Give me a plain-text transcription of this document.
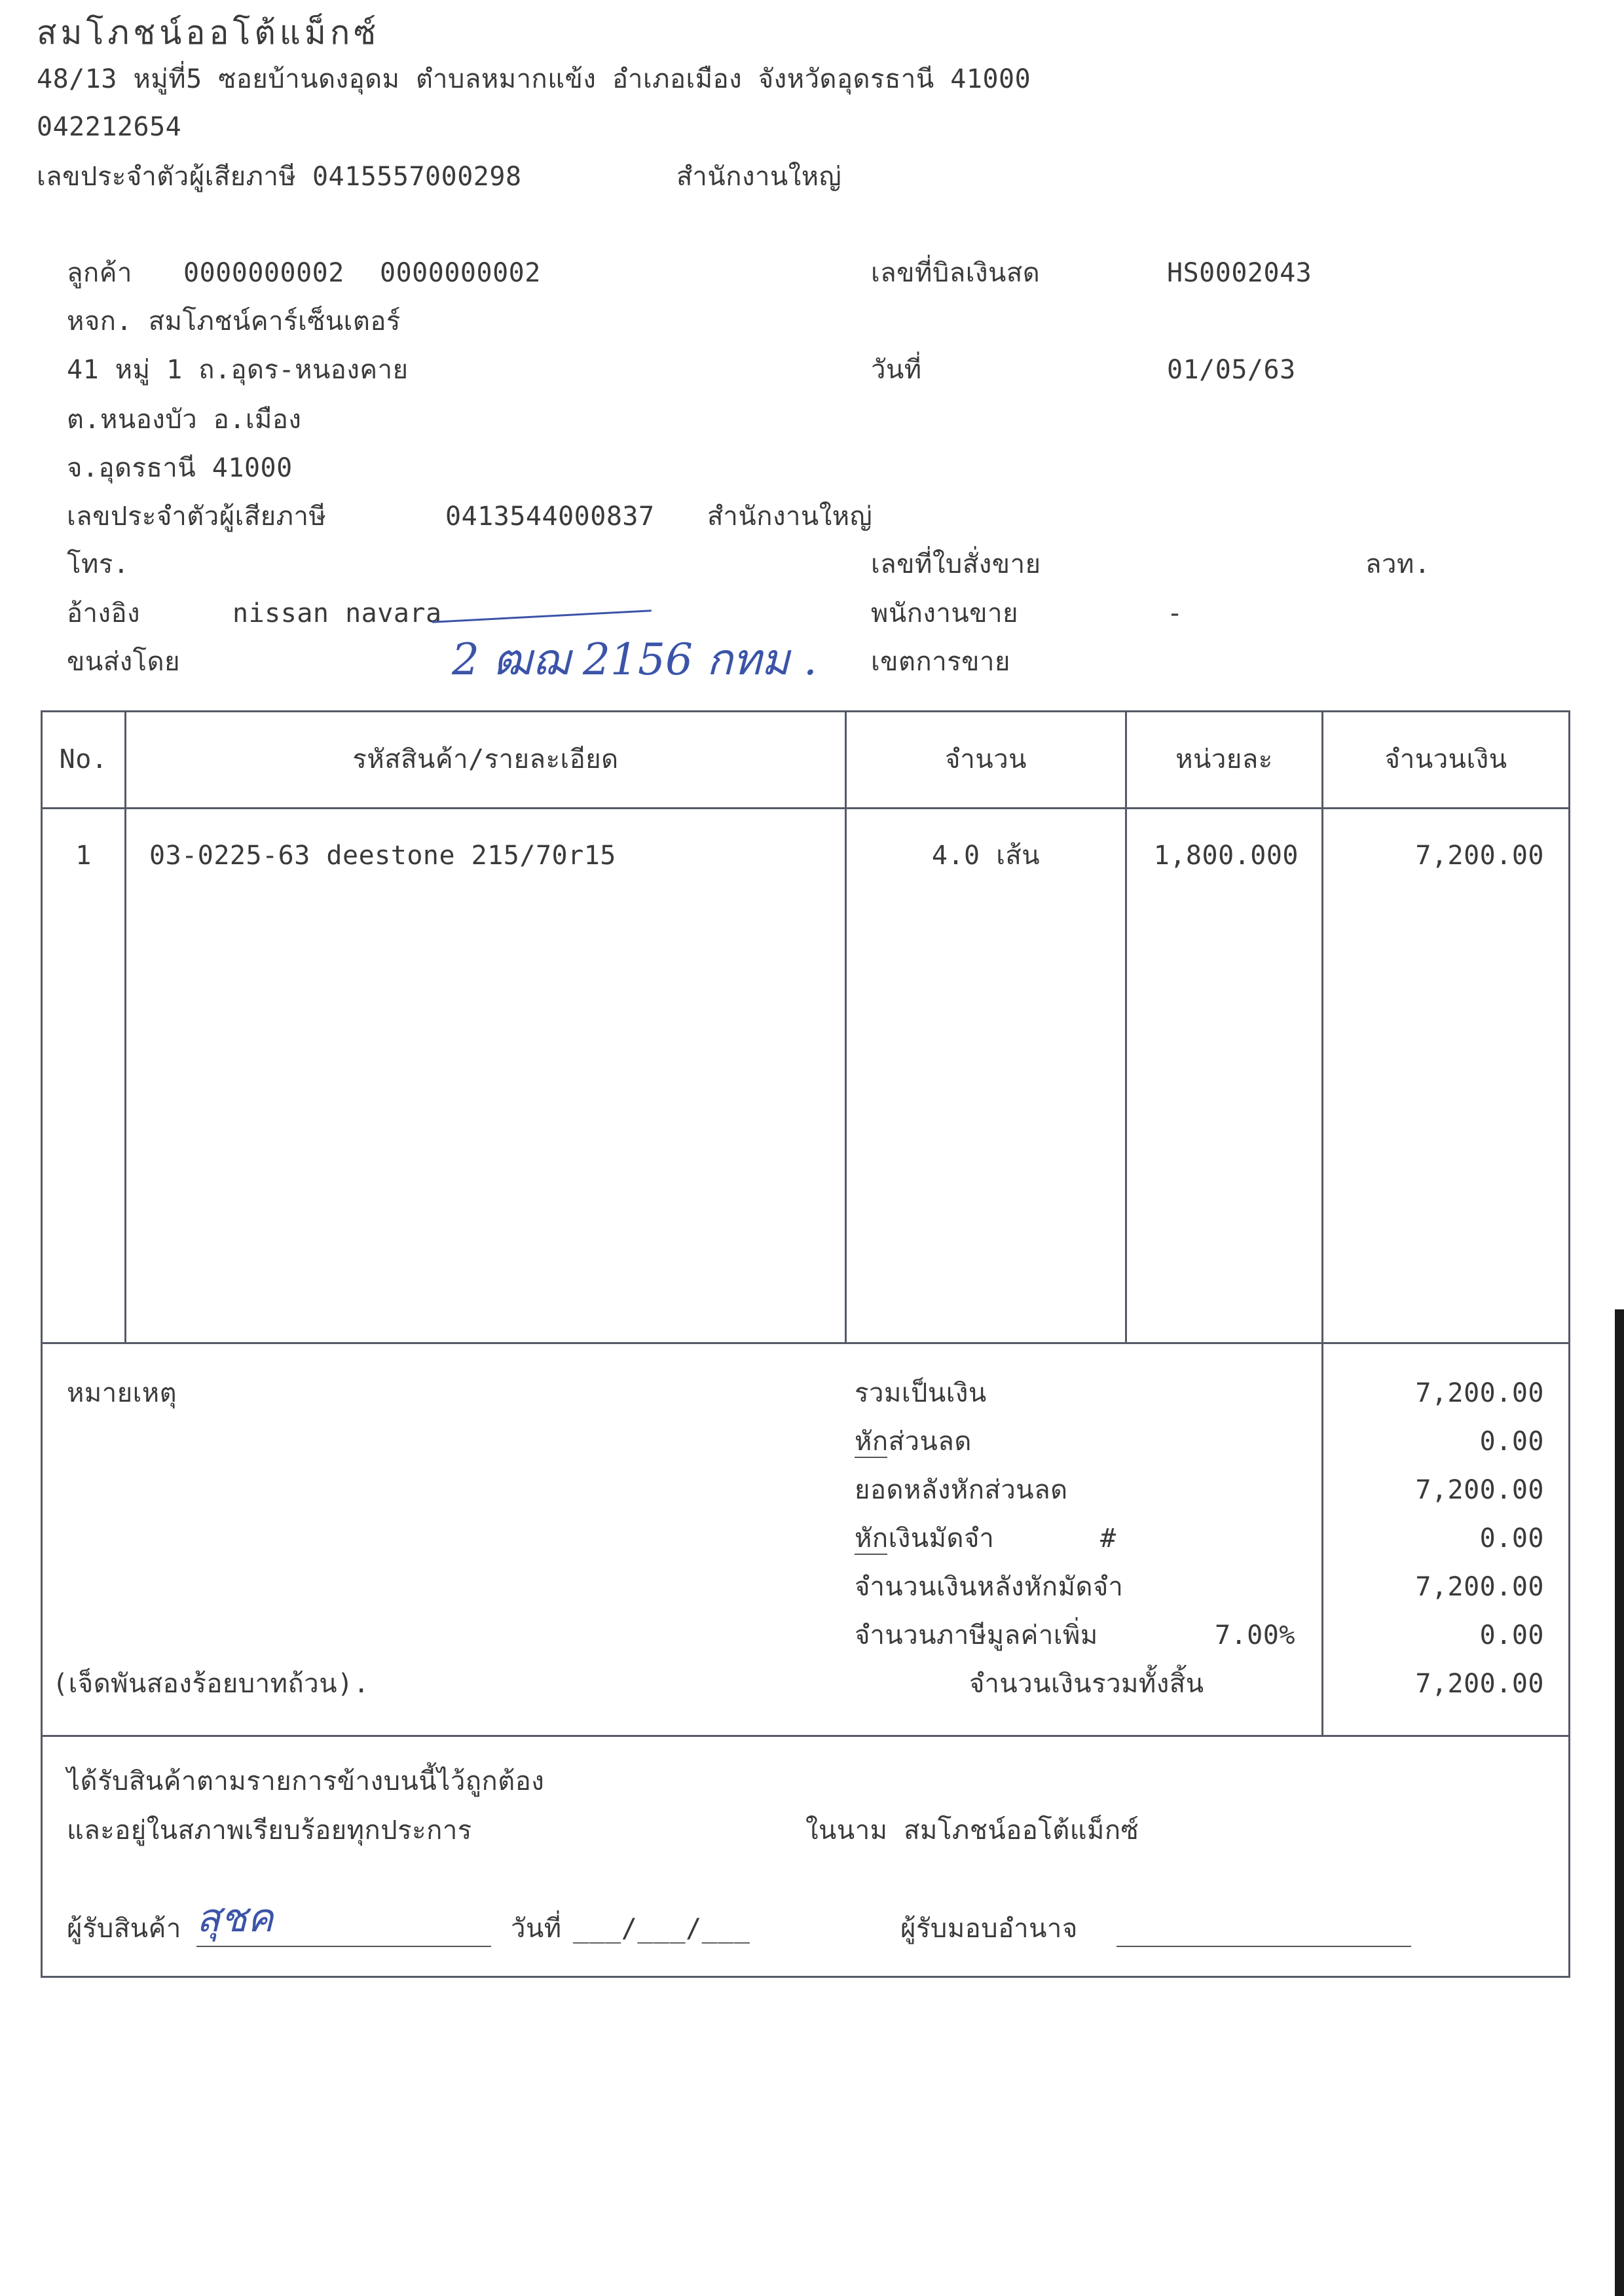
สมโภชน์ออโต้แม็กซ์
48/13 หมู่ที่5 ซอยบ้านดงอุดม ตำบลหมากแข้ง อำเภอเมือง จังหวัดอุดรธานี 41000
042212654
เลขประจำตัวผู้เสียภาษี 0415557000298	สำนักงานใหญ่
ลูกค้า 0000000002 0000000002
หจก. สมโภชน์คาร์เซ็นเตอร์
41 หมู่ 1 ถ.อุดร-หนองคาย
ต.หนองบัว อ.เมือง
จ.อุดรธานี 41000
เลขประจำตัวผู้เสียภาษี	0413544000837 สำนักงานใหญ่
โทร.
อ้างอิง	nissan navara
ขนส่งโดย	2 ฒฌ 2156 กทม .
เลขที่บิลเงินสด	HS0002043
วันที่	01/05/63
เลขที่ใบสั่งขาย	ลวท.
พนักงานขาย	-
เขตการขาย
No.	รหัสสินค้า/รายละเอียด	จำนวน	หน่วยละ	จำนวนเงิน
1	03-0225-63 deestone 215/70r15	4.0 เส้น	1,800.000	7,200.00
หมายเหตุ	รวมเป็นเงิน	7,200.00
หักส่วนลด	0.00
ยอดหลังหักส่วนลด	7,200.00
หักเงินมัดจำ	#	0.00
จำนวนเงินหลังหักมัดจำ	7,200.00
จำนวนภาษีมูลค่าเพิ่ม	7.00%	0.00
(เจ็ดพันสองร้อยบาทถ้วน).	จำนวนเงินรวมทั้งสิ้น	7,200.00
ได้รับสินค้าตามรายการข้างบนนี้ไว้ถูกต้อง
และอยู่ในสภาพเรียบร้อยทุกประการ	ในนาม สมโภชน์ออโต้แม็กซ์
ผู้รับสินค้า สุชค	วันที่ ___/___/___	ผู้รับมอบอำนาจ
